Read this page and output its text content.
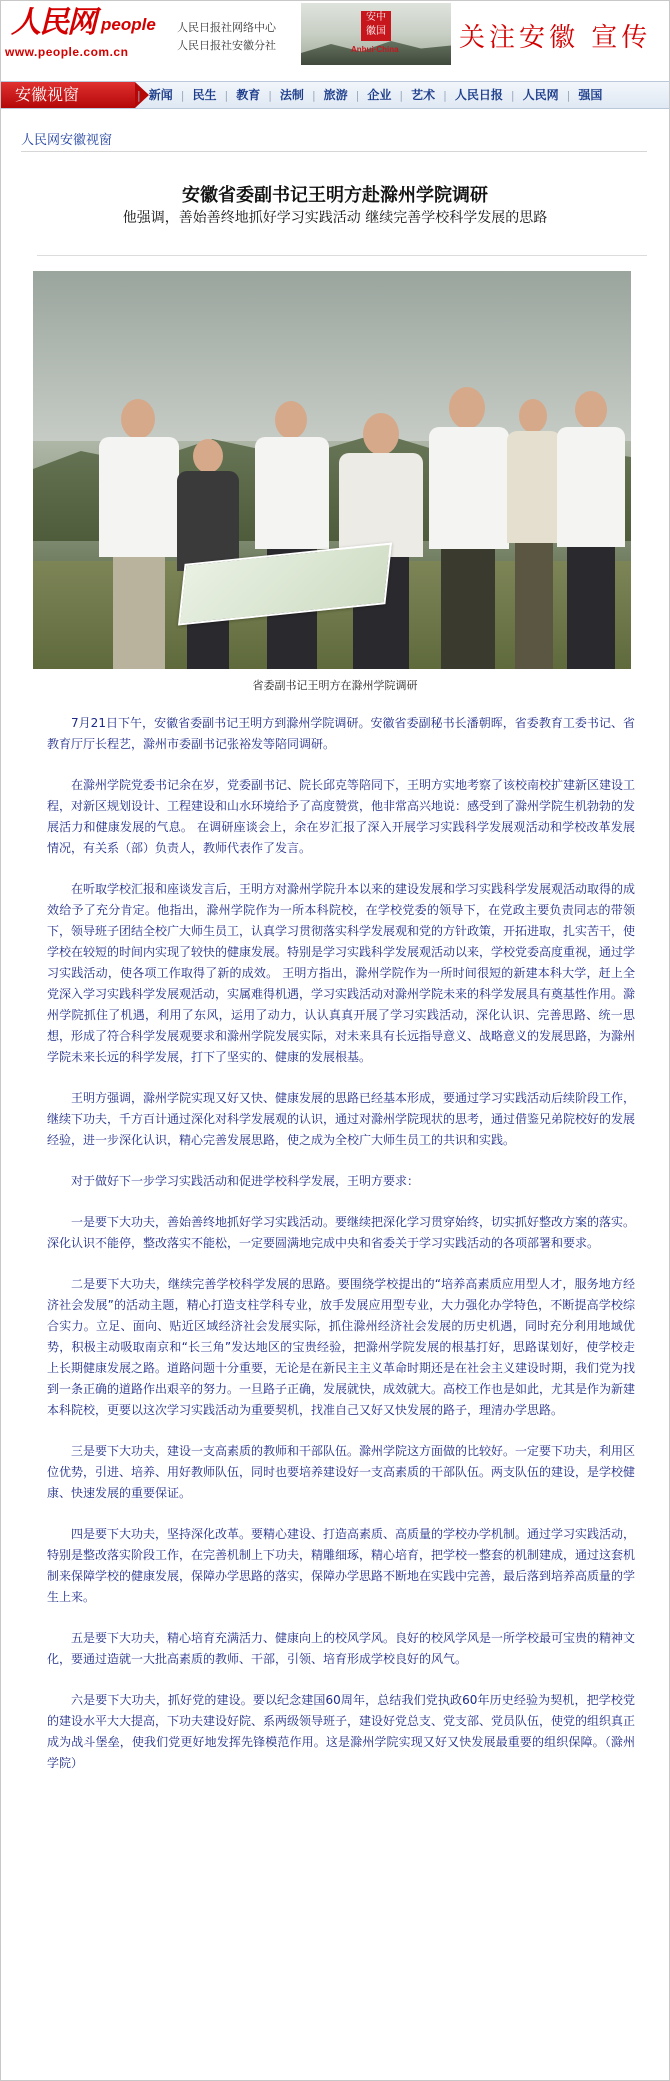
人民网 people
www.people.com.cn
人民日报社网络中心
人民日报社安徽分社
安中
徽国
Anhui·China 关注安徽 宣传
安徽视窗	| 新闻 | 民生 | 教育 | 法制 | 旅游 | 企业 | 艺术 | 人民日报 | 人民网 | 强国
人民网安徽视窗
安徽省委副书记王明方赴滁州学院调研
他强调，善始善终地抓好学习实践活动 继续完善学校科学发展的思路
省委副书记王明方在滁州学院调研

7月21日下午，安徽省委副书记王明方到滁州学院调研。安徽省委副秘书长潘朝晖，省委教育工委书记、省教育厅厅长程艺，滁州市委副书记张裕发等陪同调研。

在滁州学院党委书记余在岁，党委副书记、院长邱克等陪同下，王明方实地考察了该校南校扩建新区建设工程，对新区规划设计、工程建设和山水环境给予了高度赞赏，他非常高兴地说：感受到了滁州学院生机勃勃的发展活力和健康发展的气息。 在调研座谈会上，余在岁汇报了深入开展学习实践科学发展观活动和学校改革发展情况，有关系（部）负责人，教师代表作了发言。

在听取学校汇报和座谈发言后，王明方对滁州学院升本以来的建设发展和学习实践科学发展观活动取得的成效给予了充分肯定。他指出，滁州学院作为一所本科院校，在学校党委的领导下，在党政主要负责同志的带领下，领导班子团结全校广大师生员工，认真学习贯彻落实科学发展观和党的方针政策，开拓进取，扎实苦干，使学校在较短的时间内实现了较快的健康发展。特别是学习实践科学发展观活动以来，学校党委高度重视，通过学习实践活动，使各项工作取得了新的成效。 王明方指出，滁州学院作为一所时间很短的新建本科大学，赶上全党深入学习实践科学发展观活动，实属难得机遇，学习实践活动对滁州学院未来的科学发展具有奠基性作用。滁州学院抓住了机遇，利用了东风，运用了动力，认认真真开展了学习实践活动，深化认识、完善思路、统一思想，形成了符合科学发展观要求和滁州学院发展实际，对未来具有长远指导意义、战略意义的发展思路，为滁州学院未来长远的科学发展，打下了坚实的、健康的发展根基。

王明方强调，滁州学院实现又好又快、健康发展的思路已经基本形成，要通过学习实践活动后续阶段工作，继续下功夫，千方百计通过深化对科学发展观的认识，通过对滁州学院现状的思考，通过借鉴兄弟院校好的发展经验，进一步深化认识，精心完善发展思路，使之成为全校广大师生员工的共识和实践。

对于做好下一步学习实践活动和促进学校科学发展，王明方要求：

一是要下大功夫，善始善终地抓好学习实践活动。要继续把深化学习贯穿始终，切实抓好整改方案的落实。深化认识不能停，整改落实不能松，一定要圆满地完成中央和省委关于学习实践活动的各项部署和要求。

二是要下大功夫，继续完善学校科学发展的思路。要围绕学校提出的“培养高素质应用型人才，服务地方经济社会发展”的活动主题，精心打造支柱学科专业，放手发展应用型专业，大力强化办学特色，不断提高学校综合实力。立足、面向、贴近区域经济社会发展实际，抓住滁州经济社会发展的历史机遇，同时充分利用地域优势，积极主动吸取南京和“长三角”发达地区的宝贵经验，把滁州学院发展的根基打好，思路谋划好，使学校走上长期健康发展之路。道路问题十分重要，无论是在新民主主义革命时期还是在社会主义建设时期，我们党为找到一条正确的道路作出艰辛的努力。一旦路子正确，发展就快，成效就大。高校工作也是如此，尤其是作为新建本科院校，更要以这次学习实践活动为重要契机，找准自己又好又快发展的路子，理清办学思路。

三是要下大功夫，建设一支高素质的教师和干部队伍。滁州学院这方面做的比较好。一定要下功夫，利用区位优势，引进、培养、用好教师队伍，同时也要培养建设好一支高素质的干部队伍。两支队伍的建设，是学校健康、快速发展的重要保证。

四是要下大功夫，坚持深化改革。要精心建设、打造高素质、高质量的学校办学机制。通过学习实践活动，特别是整改落实阶段工作，在完善机制上下功夫，精雕细琢，精心培育，把学校一整套的机制建成，通过这套机制来保障学校的健康发展，保障办学思路的落实，保障办学思路不断地在实践中完善，最后落到培养高质量的学生上来。

五是要下大功夫，精心培育充满活力、健康向上的校风学风。良好的校风学风是一所学校最可宝贵的精神文化，要通过造就一大批高素质的教师、干部，引领、培育形成学校良好的风气。

六是要下大功夫，抓好党的建设。要以纪念建国60周年，总结我们党执政60年历史经验为契机，把学校党的建设水平大大提高，下功夫建设好院、系两级领导班子，建设好党总支、党支部、党员队伍，使党的组织真正成为战斗堡垒，使我们党更好地发挥先锋模范作用。这是滁州学院实现又好又快发展最重要的组织保障。（滁州学院）
